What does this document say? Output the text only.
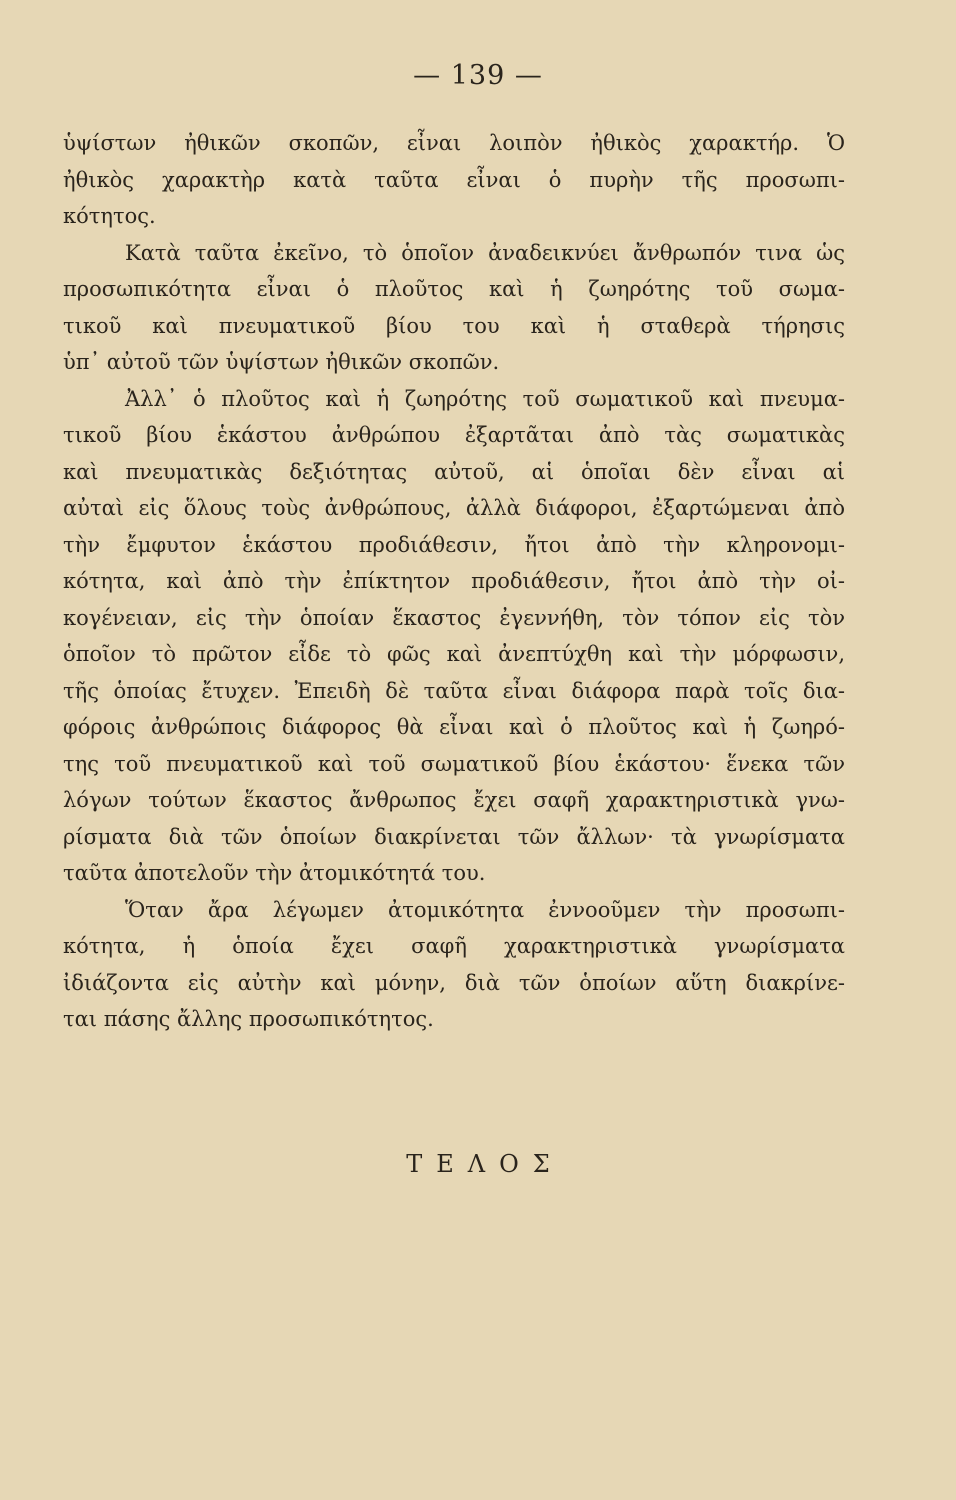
— 139 —
ὑψίστων ἠθικῶν σκοπῶν, εἶναι λοιπὸν ἠθικὸς χαρακτήρ. Ὁ
ἠθικὸς χαρακτὴρ κατὰ ταῦτα εἶναι ὁ πυρὴν τῆς προσωπι-
κότητος.
Κατὰ ταῦτα ἐκεῖνο, τὸ ὁποῖον ἀναδεικνύει ἄνθρωπόν τινα ὡς
προσωπικότητα εἶναι ὁ πλοῦτος καὶ ἡ ζωηρότης τοῦ σωμα-
τικοῦ καὶ πνευματικοῦ βίου του καὶ ἡ σταθερὰ τήρησις
ὑπ᾿ αὐτοῦ τῶν ὑψίστων ἠθικῶν σκοπῶν.
Ἀλλ᾿ ὁ πλοῦτος καὶ ἡ ζωηρότης τοῦ σωματικοῦ καὶ πνευμα-
τικοῦ βίου ἑκάστου ἀνθρώπου ἐξαρτᾶται ἀπὸ τὰς σωματικὰς
καὶ πνευματικὰς δεξιότητας αὐτοῦ, αἱ ὁποῖαι δὲν εἶναι αἱ
αὐταὶ εἰς ὅλους τοὺς ἀνθρώπους, ἀλλὰ διάφοροι, ἐξαρτώμεναι ἀπὸ
τὴν ἔμφυτον ἑκάστου προδιάθεσιν, ἤτοι ἀπὸ τὴν κληρονομι-
κότητα, καὶ ἀπὸ τὴν ἐπίκτητον προδιάθεσιν, ἤτοι ἀπὸ τὴν οἰ-
κογένειαν, εἰς τὴν ὁποίαν ἕκαστος ἐγεννήθη, τὸν τόπον εἰς τὸν
ὁποῖον τὸ πρῶτον εἶδε τὸ φῶς καὶ ἀνεπτύχθη καὶ τὴν μόρφωσιν,
τῆς ὁποίας ἔτυχεν. Ἐπειδὴ δὲ ταῦτα εἶναι διάφορα παρὰ τοῖς δια-
φόροις ἀνθρώποις διάφορος θὰ εἶναι καὶ ὁ πλοῦτος καὶ ἡ ζωηρό-
της τοῦ πνευματικοῦ καὶ τοῦ σωματικοῦ βίου ἑκάστου· ἕνεκα τῶν
λόγων τούτων ἕκαστος ἄνθρωπος ἔχει σαφῆ χαρακτηριστικὰ γνω-
ρίσματα διὰ τῶν ὁποίων διακρίνεται τῶν ἄλλων· τὰ γνωρίσματα
ταῦτα ἀποτελοῦν τὴν ἀτομικότητά του.
Ὅταν ἄρα λέγωμεν ἀτομικότητα ἐννοοῦμεν τὴν προσωπι-
κότητα, ἡ ὁποία ἔχει σαφῆ χαρακτηριστικὰ γνωρίσματα
ἰδιάζοντα εἰς αὐτὴν καὶ μόνην, διὰ τῶν ὁποίων αὕτη διακρίνε-
ται πάσης ἄλλης προσωπικότητος.
ΤΕΛΟΣ
